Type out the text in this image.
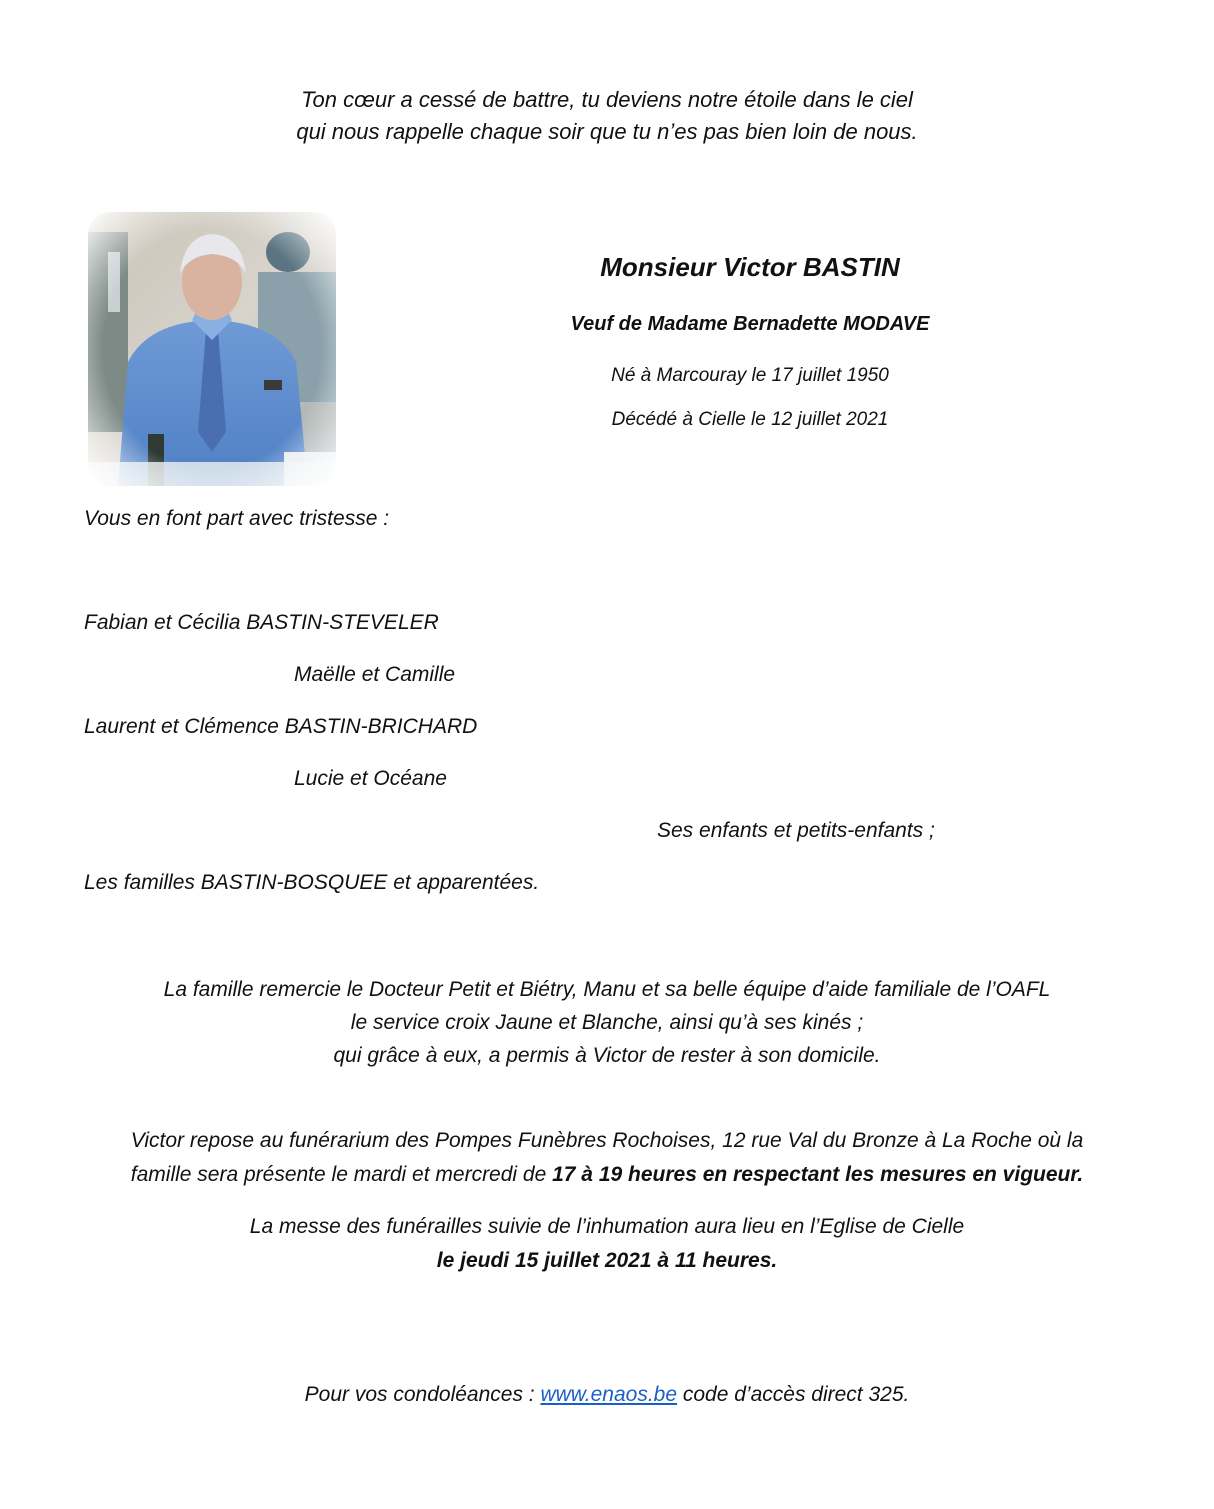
Ton cœur a cessé de battre, tu deviens notre étoile dans le ciel
qui nous rappelle chaque soir que tu n’es pas bien loin de nous.
Monsieur Victor BASTIN
Veuf de Madame Bernadette MODAVE
Né à Marcouray le 17 juillet 1950
Décédé à Cielle le 12 juillet 2021
Vous en font part avec tristesse :
Fabian et Cécilia BASTIN-STEVELER
Maëlle et Camille
Laurent et Clémence BASTIN-BRICHARD
Lucie et Océane
Ses enfants et petits-enfants ;
Les familles BASTIN-BOSQUEE et apparentées.
La famille remercie le Docteur Petit et Biétry, Manu et sa belle équipe d’aide familiale de l’OAFL
le service croix Jaune et Blanche, ainsi qu’à ses kinés ;
qui grâce à eux, a permis à Victor de rester à son domicile.
Victor repose au funérarium des Pompes Funèbres Rochoises, 12 rue Val du Bronze à La Roche où la
famille sera présente le mardi et mercredi de 17 à 19 heures en respectant les mesures en vigueur.
La messe des funérailles suivie de l’inhumation aura lieu en l’Eglise de Cielle
le jeudi 15 juillet 2021 à 11 heures.
Pour vos condoléances : www.enaos.be code d’accès direct 325.
